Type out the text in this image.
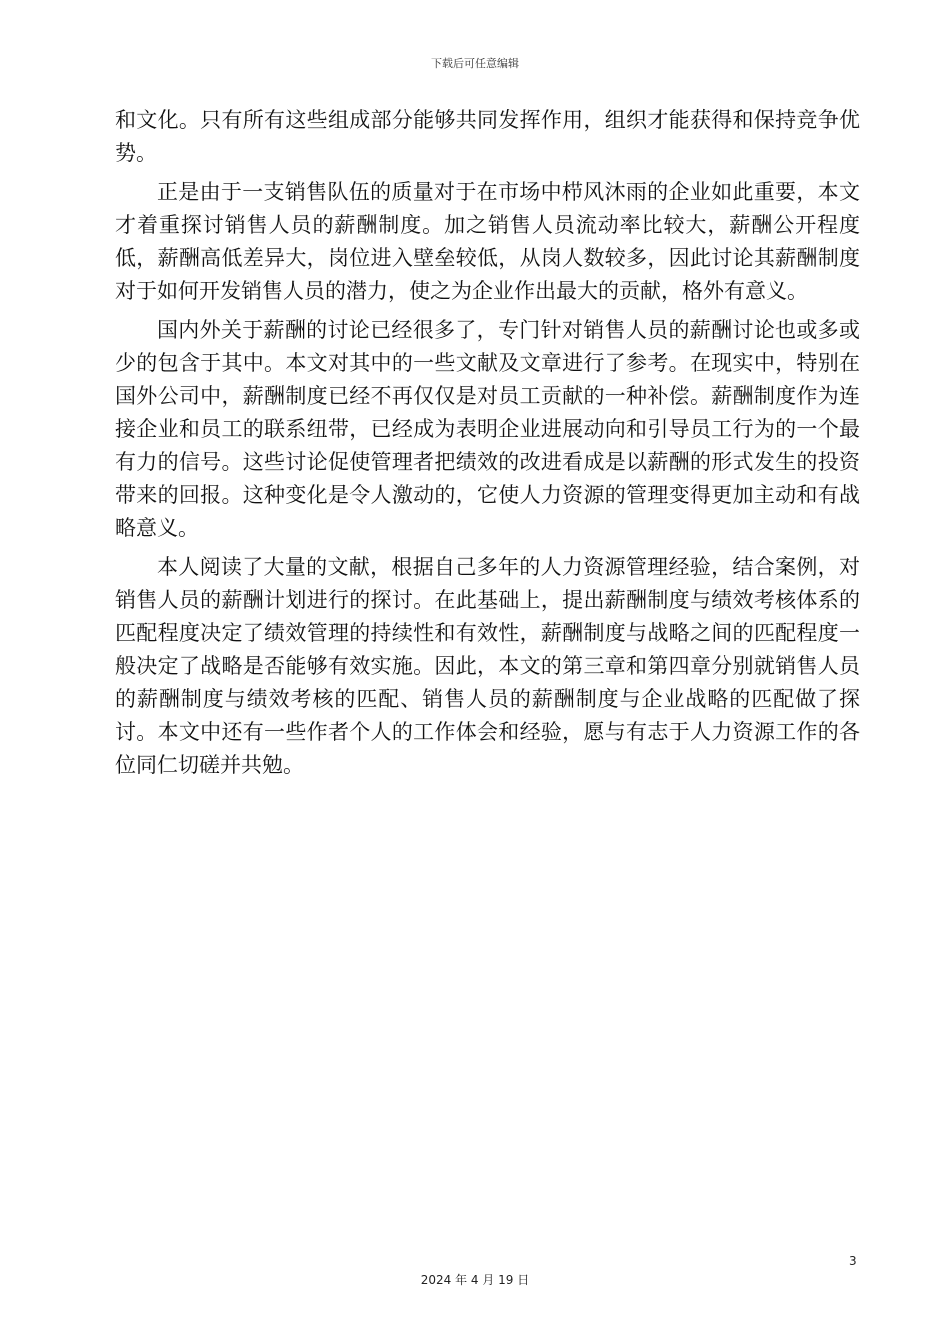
下载后可任意编辑

和文化。只有所有这些组成部分能够共同发挥作用，组织才能获得和保持竞争优势。

正是由于一支销售队伍的质量对于在市场中栉风沐雨的企业如此重要，本文才着重探讨销售人员的薪酬制度。加之销售人员流动率比较大，薪酬公开程度低，薪酬高低差异大，岗位进入壁垒较低，从岗人数较多，因此讨论其薪酬制度对于如何开发销售人员的潜力，使之为企业作出最大的贡献，格外有意义。

国内外关于薪酬的讨论已经很多了，专门针对销售人员的薪酬讨论也或多或少的包含于其中。本文对其中的一些文献及文章进行了参考。在现实中，特别在国外公司中，薪酬制度已经不再仅仅是对员工贡献的一种补偿。薪酬制度作为连接企业和员工的联系纽带，已经成为表明企业进展动向和引导员工行为的一个最有力的信号。这些讨论促使管理者把绩效的改进看成是以薪酬的形式发生的投资带来的回报。这种变化是令人激动的，它使人力资源的管理变得更加主动和有战略意义。

本人阅读了大量的文献，根据自己多年的人力资源管理经验，结合案例，对销售人员的薪酬计划进行的探讨。在此基础上，提出薪酬制度与绩效考核体系的匹配程度决定了绩效管理的持续性和有效性，薪酬制度与战略之间的匹配程度一般决定了战略是否能够有效实施。因此，本文的第三章和第四章分别就销售人员的薪酬制度与绩效考核的匹配、销售人员的薪酬制度与企业战略的匹配做了探讨。本文中还有一些作者个人的工作体会和经验，愿与有志于人力资源工作的各位同仁切磋并共勉。

3
2024 年 4 月 19 日
